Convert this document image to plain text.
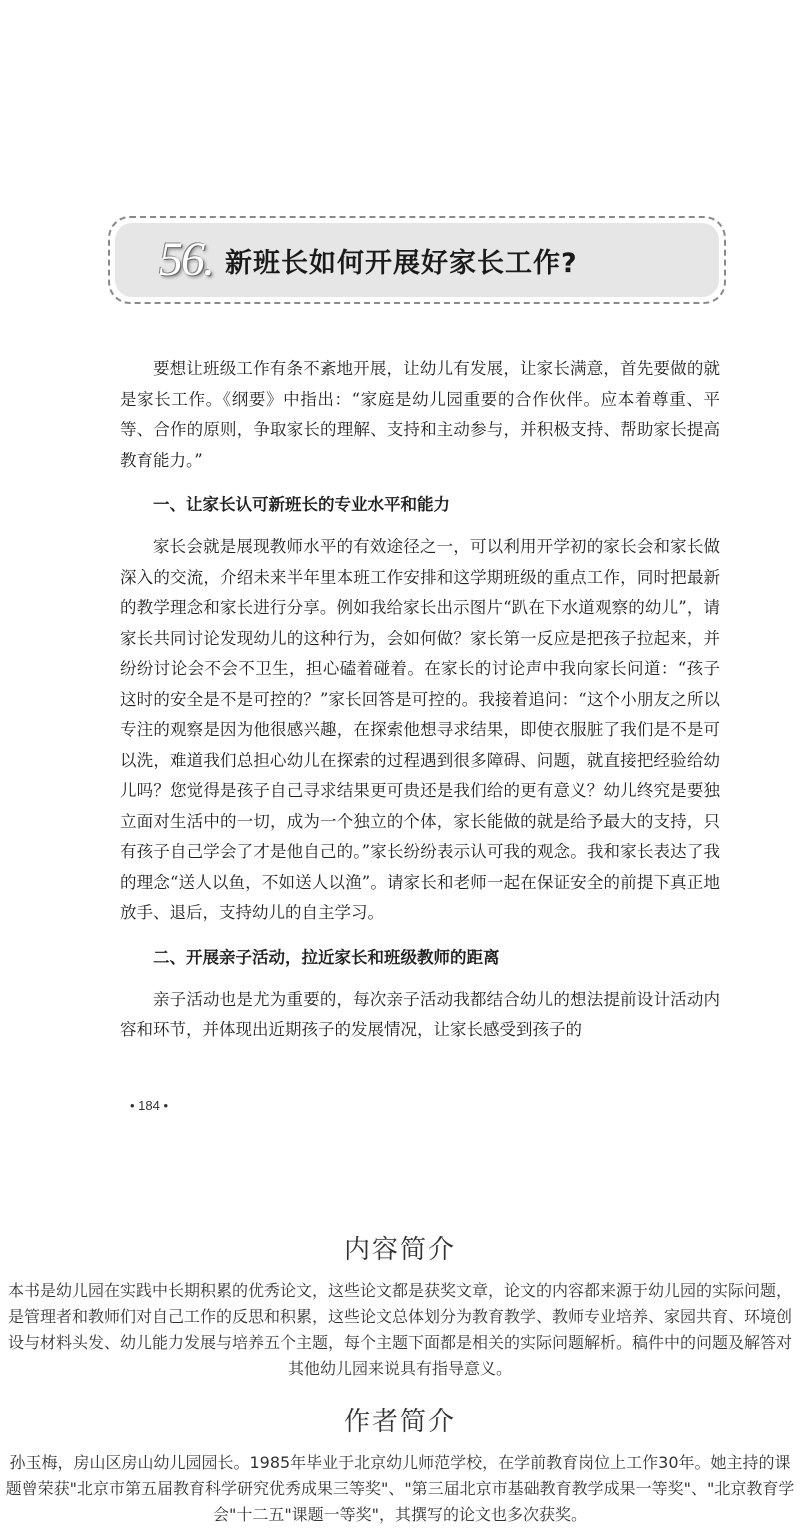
56. 新班长如何开展好家长工作?

要想让班级工作有条不紊地开展，让幼儿有发展，让家长满意，首先要做的就是家长工作。《纲要》中指出：“家庭是幼儿园重要的合作伙伴。应本着尊重、平等、合作的原则，争取家长的理解、支持和主动参与，并积极支持、帮助家长提高教育能力。”

一、让家长认可新班长的专业水平和能力

家长会就是展现教师水平的有效途径之一，可以利用开学初的家长会和家长做深入的交流，介绍未来半年里本班工作安排和这学期班级的重点工作，同时把最新的教学理念和家长进行分享。例如我给家长出示图片“趴在下水道观察的幼儿”，请家长共同讨论发现幼儿的这种行为，会如何做？家长第一反应是把孩子拉起来，并纷纷讨论会不会不卫生，担心磕着碰着。在家长的讨论声中我向家长问道：“孩子这时的安全是不是可控的？”家长回答是可控的。我接着追问：“这个小朋友之所以专注的观察是因为他很感兴趣，在探索他想寻求结果，即使衣服脏了我们是不是可以洗，难道我们总担心幼儿在探索的过程遇到很多障碍、问题，就直接把经验给幼儿吗？您觉得是孩子自己寻求结果更可贵还是我们给的更有意义？幼儿终究是要独立面对生活中的一切，成为一个独立的个体，家长能做的就是给予最大的支持，只有孩子自己学会了才是他自己的。”家长纷纷表示认可我的观念。我和家长表达了我的理念“送人以鱼，不如送人以渔”。请家长和老师一起在保证安全的前提下真正地放手、退后，支持幼儿的自主学习。

二、开展亲子活动，拉近家长和班级教师的距离

亲子活动也是尤为重要的，每次亲子活动我都结合幼儿的想法提前设计活动内容和环节，并体现出近期孩子的发展情况，让家长感受到孩子的

• 184 •
内容简介
本书是幼儿园在实践中长期积累的优秀论文，这些论文都是获奖文章，论文的内容都来源于幼儿园的实际问题，是管理者和教师们对自己工作的反思和积累，这些论文总体划分为教育教学、教师专业培养、家园共育、环境创设与材料头发、幼儿能力发展与培养五个主题，每个主题下面都是相关的实际问题解析。稿件中的问题及解答对其他幼儿园来说具有指导意义。
作者简介
孙玉梅，房山区房山幼儿园园长。1985年毕业于北京幼儿师范学校，在学前教育岗位上工作30年。她主持的课题曾荣获"北京市第五届教育科学研究优秀成果三等奖"、"第三届北京市基础教育教学成果一等奖"、"北京教育学会"十二五"课题一等奖"，其撰写的论文也多次获奖。
